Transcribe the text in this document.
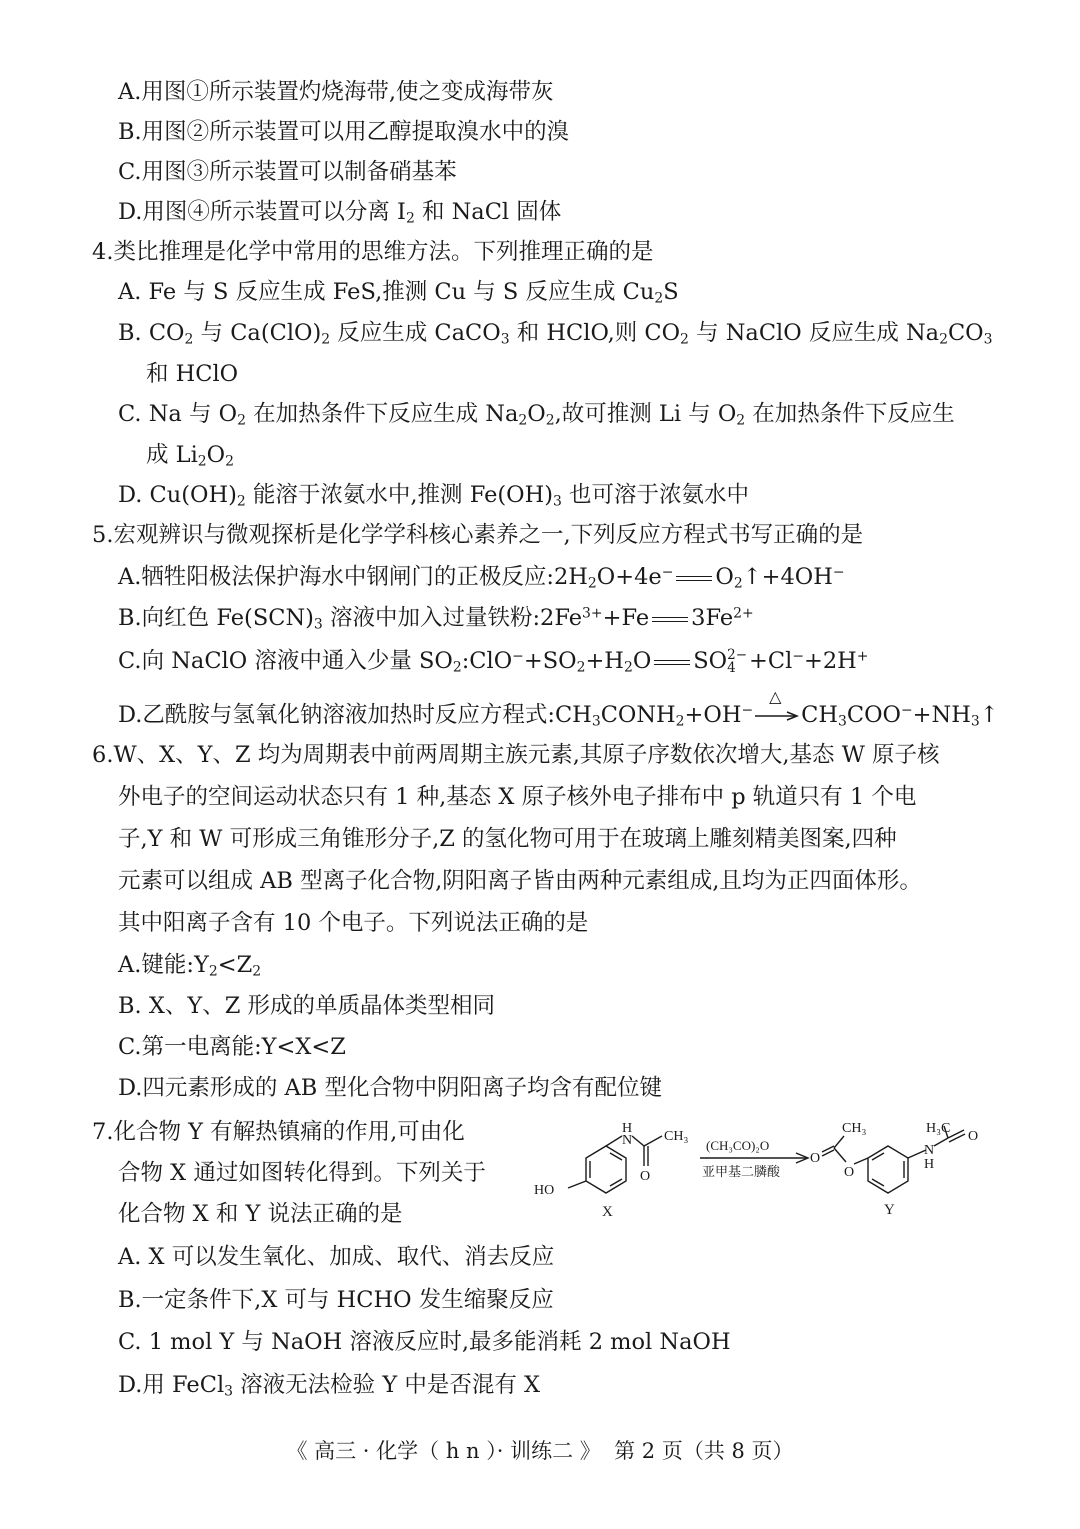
A.用图①所示装置灼烧海带,使之变成海带灰
B.用图②所示装置可以用乙醇提取溴水中的溴
C.用图③所示装置可以制备硝基苯
D.用图④所示装置可以分离 $I_2$ 和 NaCl 固体
4.类比推理是化学中常用的思维方法。下列推理正确的是
A. Fe 与 S 反应生成 FeS,推测 Cu 与 S 反应生成 $Cu_2S$
B. $CO_2$ 与 $Ca(ClO)_2$ 反应生成 CaCO$_3$ 和 HClO,则 $CO_2$ 与 NaClO 反应生成 $Na_2CO_3$
和 HClO
C. Na 与 $O_2$ 在加热条件下反应生成 $Na_2O_2$,故可推测 Li 与 $O_2$ 在加热条件下反应生
成 $Li_2O_2$
D. $Cu(OH)_2$ 能溶于浓氨水中,推测 $Fe(OH)_3$ 也可溶于浓氨水中
5.宏观辨识与微观探析是化学学科核心素养之一,下列反应方程式书写正确的是
A.牺牲阳极法保护海水中钢闸门的正极反应$:2H_2O+4e^-$ $O_2↑+4OH^-$
B.向红色 $Fe(SCN)_3$ 溶液中加入过量铁粉$:2Fe^{3+}+Fe$ $3Fe^{2+}$
C.向 NaClO 溶液中通入少量 $SO_2:ClO^-+SO_2+H_2O$ SO 2−
4 +Cl−+2H+
D.乙酰胺与氢氧化钠溶液加热时反应方程式$:CH_3CONH_2+OH^-$
△
$CH_3COO^-+NH_3↑$
6.W、X、Y、Z 均为周期表中前两周期主族元素,其原子序数依次增大,基态 W 原子核
外电子的空间运动状态只有 1 种,基态 X 原子核外电子排布中 p 轨道只有 1 个电
子,Y 和 W 可形成三角锥形分子,Z 的氢化物可用于在玻璃上雕刻精美图案,四种
元素可以组成 AB 型离子化合物,阴阳离子皆由两种元素组成,且均为正四面体形。
其中阳离子含有 10 个电子。下列说法正确的是
A.键能$:Y_2<Z_2$
B. X、Y、Z 形成的单质晶体类型相同
C.第一电离能:Y<X<Z
D.四元素形成的 AB 型化合物中阴阳离子均含有配位键
7.化合物 Y 有解热镇痛的作用,可由化
合物 X 通过如图转化得到。下列关于
化合物 X 和 Y 说法正确的是
H
N CH₃
O
HO
X
(CH₃CO)₂O
亚甲基二膦酸
O
CH₃
O
H₃C
O
N
H
Y
A. X 可以发生氧化、加成、取代、消去反应
B.一定条件下,X 可与 HCHO 发生缩聚反应
C. 1 mol Y 与 NaOH 溶液反应时,最多能消耗 2 mol NaOH
D.用 FeCl$_3$ 溶液无法检验 Y 中是否混有 X
《 高三 · 化学（ h n ）· 训练二 》  第 2 页（共 8 页）
